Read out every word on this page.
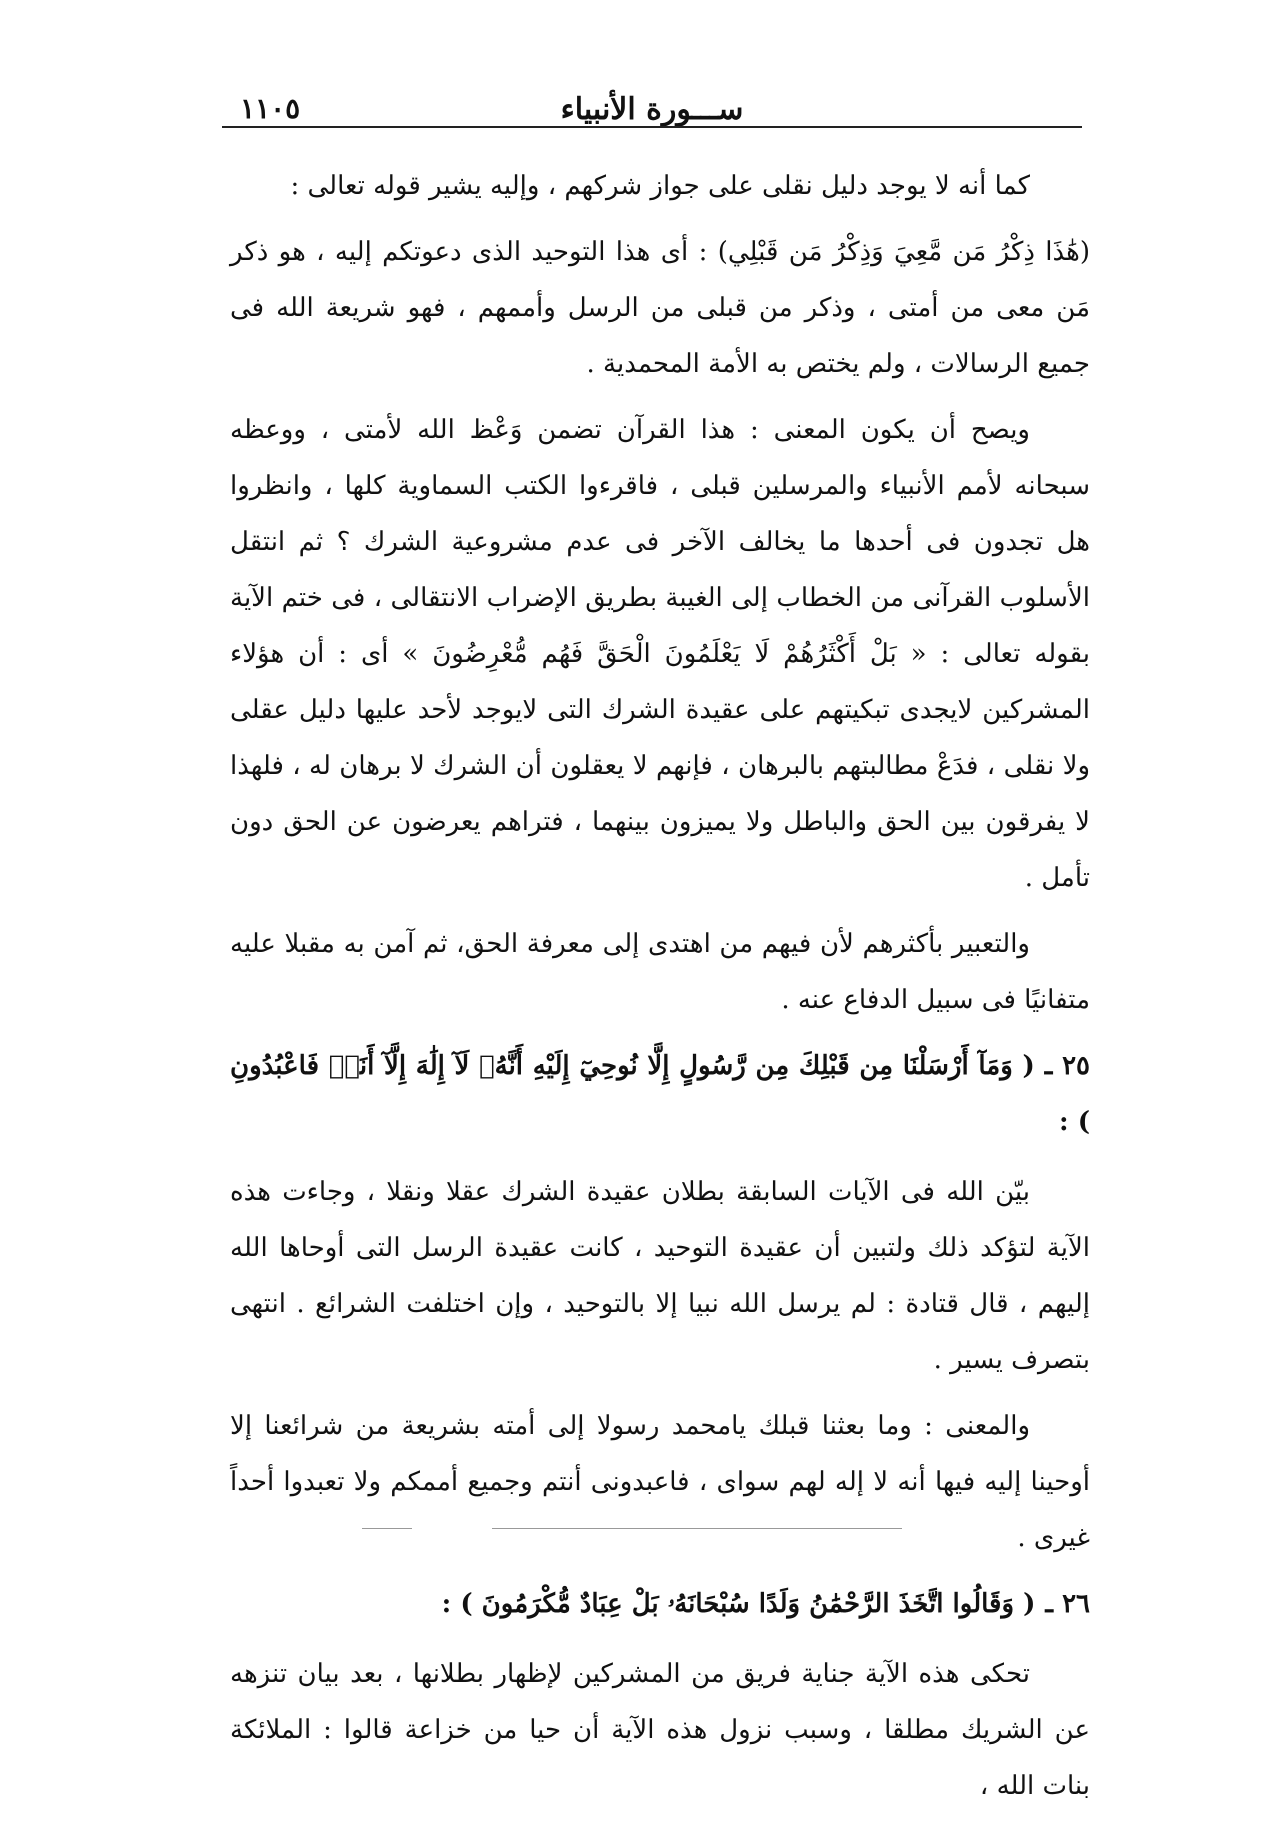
ســـورة الأنبياء
١١٠٥

كما أنه لا يوجد دليل نقلى على جواز شركهم ، وإليه يشير قوله تعالى :

(هَٰذَا ذِكْرُ مَن مَّعِيَ وَذِكْرُ مَن قَبْلِي) : أى هذا التوحيد الذى دعوتكم إليه ، هو ذكر مَن معى من أمتى ، وذكر من قبلى من الرسل وأممهم ، فهو شريعة الله فى جميع الرسالات ، ولم يختص به الأمة المحمدية .

ويصح أن يكون المعنى : هذا القرآن تضمن وَعْظ الله لأمتى ، ووعظه سبحانه لأمم الأنبياء والمرسلين قبلى ، فاقرءوا الكتب السماوية كلها ، وانظروا هل تجدون فى أحدها ما يخالف الآخر فى عدم مشروعية الشرك ؟ ثم انتقل الأسلوب القرآنى من الخطاب إلى الغيبة بطريق الإضراب الانتقالى ، فى ختم الآية بقوله تعالى : « بَلْ أَكْثَرُهُمْ لَا يَعْلَمُونَ الْحَقَّ فَهُم مُّعْرِضُونَ » أى : أن هؤلاء المشركين لايجدى تبكيتهم على عقيدة الشرك التى لايوجد لأحد عليها دليل عقلى ولا نقلى ، فدَعْ مطالبتهم بالبرهان ، فإنهم لا يعقلون أن الشرك لا برهان له ، فلهذا لا يفرقون بين الحق والباطل ولا يميزون بينهما ، فتراهم يعرضون عن الحق دون تأمل .

والتعبير بأكثرهم لأن فيهم من اهتدى إلى معرفة الحق، ثم آمن به مقبلا عليه متفانيًا فى سبيل الدفاع عنه .

٢٥ ـ( وَمَآ أَرْسَلْنَا مِن قَبْلِكَ مِن رَّسُولٍ إِلَّا نُوحِيٓ إِلَيْهِ أَنَّهُۥ لَآ إِلَٰهَ إِلَّآ أَنَا۠ فَاعْبُدُونِ ) :

بيّن الله فى الآيات السابقة بطلان عقيدة الشرك عقلا ونقلا ، وجاءت هذه الآية لتؤكد ذلك ولتبين أن عقيدة التوحيد ، كانت عقيدة الرسل التى أوحاها الله إليهم ، قال قتادة : لم يرسل الله نبيا إلا بالتوحيد ، وإن اختلفت الشرائع . انتهى بتصرف يسير .

والمعنى : وما بعثنا قبلك يامحمد رسولا إلى أمته بشريعة من شرائعنا إلا أوحينا إليه فيها أنه لا إله لهم سواى ، فاعبدونى أنتم وجميع أممكم ولا تعبدوا أحداً غيرى .

٢٦ ـ( وَقَالُوا اتَّخَذَ الرَّحْمَٰنُ وَلَدًا سُبْحَانَهُۥ بَلْ عِبَادٌ مُّكْرَمُونَ ) :

تحكى هذه الآية جناية فريق من المشركين لإظهار بطلانها ، بعد بيان تنزهه عن الشريك مطلقا ، وسبب نزول هذه الآية أن حيا من خزاعة قالوا : الملائكة بنات الله ،
